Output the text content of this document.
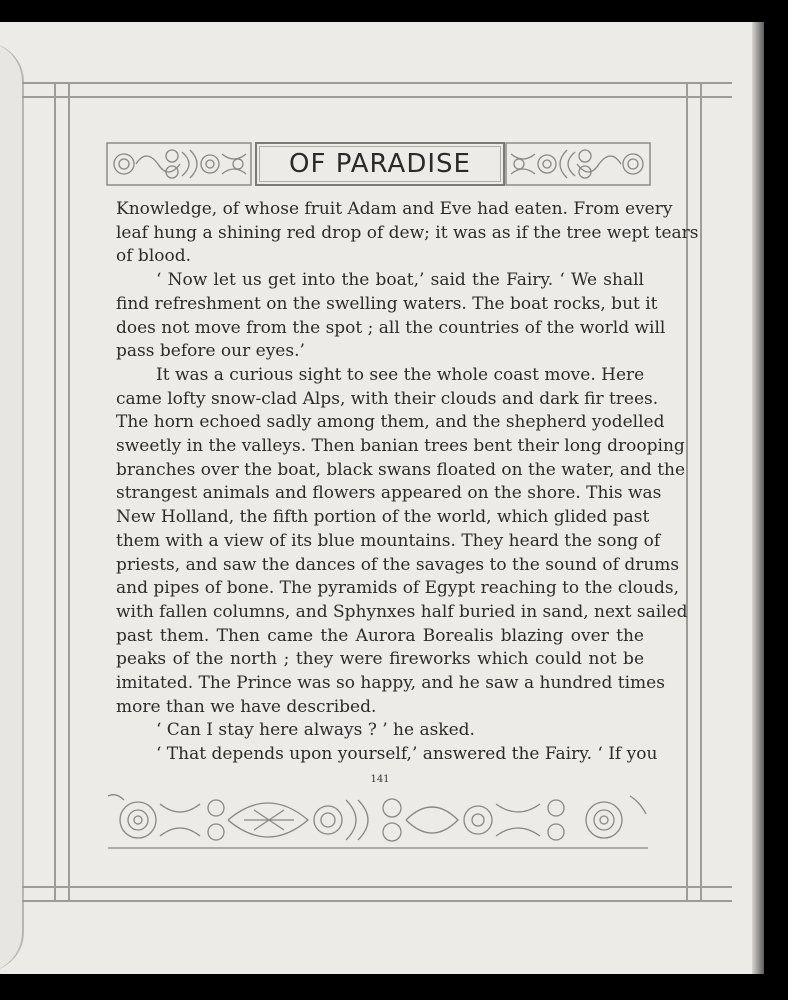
OF PARADISE
Knowledge, of whose fruit Adam and Eve had eaten. From every
leaf hung a shining red drop of dew; it was as if the tree wept tears
of blood.
‘ Now let us get into the boat,’ said the Fairy. ‘ We shall
find refreshment on the swelling waters. The boat rocks, but it
does not move from the spot ; all the countries of the world will
pass before our eyes.’
It was a curious sight to see the whole coast move. Here
came lofty snow-clad Alps, with their clouds and dark fir trees.
The horn echoed sadly among them, and the shepherd yodelled
sweetly in the valleys. Then banian trees bent their long drooping
branches over the boat, black swans floated on the water, and the
strangest animals and flowers appeared on the shore. This was
New Holland, the fifth portion of the world, which glided past
them with a view of its blue mountains. They heard the song of
priests, and saw the dances of the savages to the sound of drums
and pipes of bone. The pyramids of Egypt reaching to the clouds,
with fallen columns, and Sphynxes half buried in sand, next sailed
past them. Then came the Aurora Borealis blazing over the
peaks of the north ; they were fireworks which could not be
imitated. The Prince was so happy, and he saw a hundred times
more than we have described.
‘ Can I stay here always ? ’ he asked.
‘ That depends upon yourself,’ answered the Fairy. ‘ If you
141
